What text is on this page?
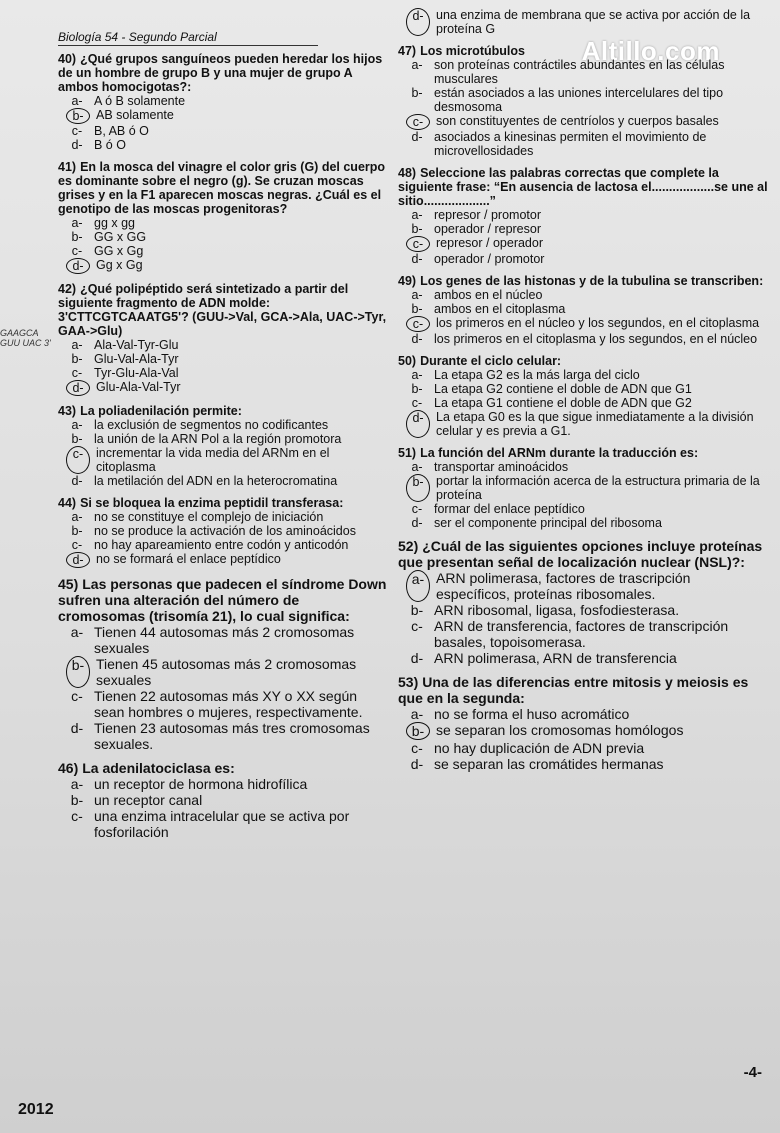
Altillo.com
GAAGCA GUU UAC 3'
Biología 54 - Segundo Parcial
40) ¿Qué grupos sanguíneos pueden heredar los hijos de un hombre de grupo B y una mujer de grupo A ambos homocigotas?:
a- A ó B solamente
b- AB solamente
c- B, AB ó O
d- B ó O
41) En la mosca del vinagre el color gris (G) del cuerpo es dominante sobre el negro (g). Se cruzan moscas grises y en la F1 aparecen moscas negras. ¿Cuál es el genotipo de las moscas progenitoras?
a- gg x gg
b- GG x GG
c- GG x Gg
d- Gg x Gg
42) ¿Qué polipéptido será sintetizado a partir del siguiente fragmento de ADN molde: 3'CTTCGTCAAATG5'? (GUU->Val, GCA->Ala, UAC->Tyr, GAA->Glu)
a- Ala-Val-Tyr-Glu
b- Glu-Val-Ala-Tyr
c- Tyr-Glu-Ala-Val
d- Glu-Ala-Val-Tyr
43) La poliadenilación permite:
a- la exclusión de segmentos no codificantes
b- la unión de la ARN Pol a la región promotora
c-	incrementar la vida media del ARNm en el citoplasma
d- la metilación del ADN en la heterocromatina
44) Si se bloquea la enzima peptidil transferasa:
a- no se constituye el complejo de iniciación
b- no se produce la activación de los aminoácidos
c- no hay apareamiento entre codón y anticodón
d- no se formará el enlace peptídico
45) Las personas que padecen el síndrome Down sufren una alteración del número de cromosomas (trisomía 21), lo cual significa:
a- Tienen 44 autosomas más 2 cromosomas sexuales
b- Tienen 45 autosomas más 2 cromosomas sexuales
c- Tienen 22 autosomas más XY o XX según sean hombres o mujeres, respectivamente.
d- Tienen 23 autosomas más tres cromosomas sexuales.
46) La adenilatociclasa es:
a- un receptor de hormona hidrofílica
b- un receptor canal
c- una enzima intracelular que se activa por fosforilación
d- una enzima de membrana que se activa por acción de la proteína G
47) Los microtúbulos
a- son proteínas contráctiles abundantes en las células musculares
b- están asociados a las uniones intercelulares del tipo desmosoma
c-	son constituyentes de centríolos y cuerpos basales
d- asociados a kinesinas permiten el movimiento de microvellosidades
48) Seleccione las palabras correctas que complete la siguiente frase: “En ausencia de lactosa el..................se une al sitio...................”
a- represor / promotor
b- operador / represor
c-	represor / operador
d- operador / promotor
49) Los genes de las histonas y de la tubulina se transcriben:
a- ambos en el núcleo
b- ambos en el citoplasma
c-	los primeros en el núcleo y los segundos, en el citoplasma
d- los primeros en el citoplasma y los segundos, en el núcleo
50) Durante el ciclo celular:
a- La etapa G2 es la más larga del ciclo
b- La etapa G2 contiene el doble de ADN que G1
c- La etapa G1 contiene el doble de ADN que G2
d- La etapa G0 es la que sigue inmediatamente a la división celular y es previa a G1.
51) La función del ARNm durante la traducción es:
a- transportar aminoácidos
b- portar la información acerca de la estructura primaria de la proteína
c- formar del enlace peptídico
d- ser el componente principal del ribosoma
52) ¿Cuál de las siguientes opciones incluye proteínas que presentan señal de localización nuclear (NSL)?:
a- ARN polimerasa, factores de trascripción específicos, proteínas ribosomales.
b- ARN ribosomal, ligasa, fosfodiesterasa.
c- ARN de transferencia, factores de transcripción basales, topoisomerasa.
d- ARN polimerasa, ARN de transferencia
53) Una de las diferencias entre mitosis y meiosis es que en la segunda:
a- no se forma el huso acromático
b- se separan los cromosomas homólogos
c- no hay duplicación de ADN previa
d- se separan las cromátides hermanas
-4-
2012
